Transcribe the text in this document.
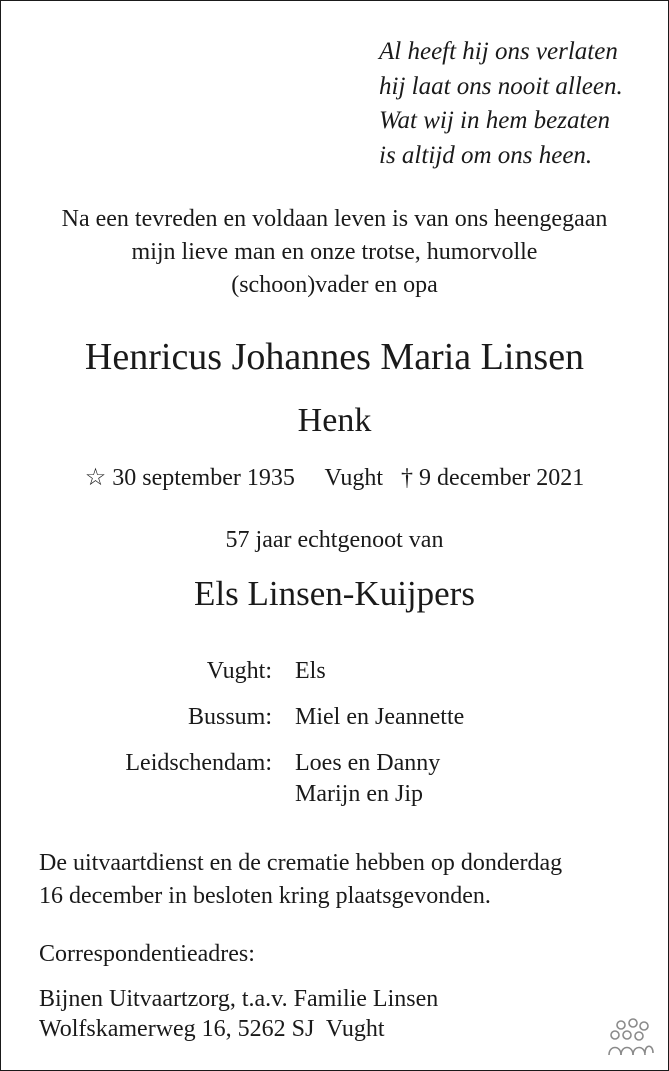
Al heeft hij ons verlaten
hij laat ons nooit alleen.
Wat wij in hem bezaten
is altijd om ons heen.
Na een tevreden en voldaan leven is van ons heengegaan
mijn lieve man en onze trotse, humorvolle
(schoon)vader en opa
Henricus Johannes Maria Linsen
Henk
☆ 30 september 1935 Vught † 9 december 2021
57 jaar echtgenoot van
Els Linsen-Kuijpers
Vught: Els
Bussum: Miel en Jeannette
Leidschendam: Loes en Danny
Marijn en Jip
De uitvaartdienst en de crematie hebben op donderdag
16 december in besloten kring plaatsgevonden.
Correspondentieadres:
Bijnen Uitvaartzorg, t.a.v. Familie Linsen
Wolfskamerweg 16, 5262 SJ  Vught
